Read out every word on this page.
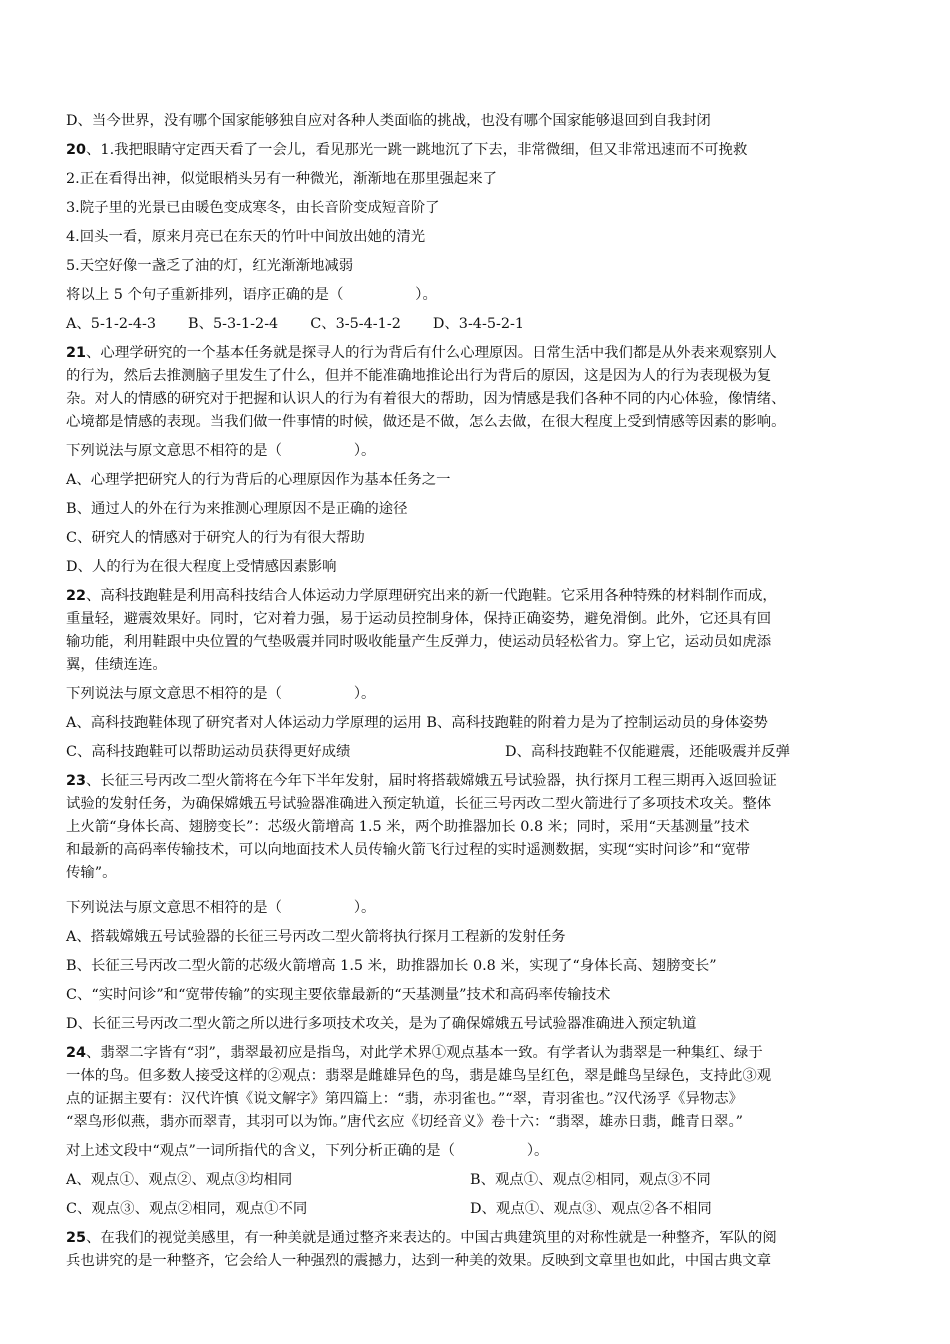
D、当今世界，没有哪个国家能够独自应对各种人类面临的挑战，也没有哪个国家能够退回到自我封闭
20、1.我把眼睛守定西天看了一会儿，看见那光一跳一跳地沉了下去，非常微细，但又非常迅速而不可挽救
2.正在看得出神，似觉眼梢头另有一种微光，渐渐地在那里强起来了
3.院子里的光景已由暖色变成寒冬，由长音阶变成短音阶了
4.回头一看，原来月亮已在东天的竹叶中间放出她的清光
5.天空好像一盏乏了油的灯，红光渐渐地减弱
将以上 5 个句子重新排列，语序正确的是（　　　　　）。
A、5-1-2-4-3 B、5-3-1-2-4 C、3-5-4-1-2 D、3-4-5-2-1
21、心理学研究的一个基本任务就是探寻人的行为背后有什么心理原因。日常生活中我们都是从外表来观察别人
的行为，然后去推测脑子里发生了什么，但并不能准确地推论出行为背后的原因，这是因为人的行为表现极为复
杂。对人的情感的研究对于把握和认识人的行为有着很大的帮助，因为情感是我们各种不同的内心体验，像情绪、
心境都是情感的表现。当我们做一件事情的时候，做还是不做，怎么去做，在很大程度上受到情感等因素的影响。
下列说法与原文意思不相符的是（　　　　　）。
A、心理学把研究人的行为背后的心理原因作为基本任务之一
B、通过人的外在行为来推测心理原因不是正确的途径
C、研究人的情感对于研究人的行为有很大帮助
D、人的行为在很大程度上受情感因素影响
22、高科技跑鞋是利用高科技结合人体运动力学原理研究出来的新一代跑鞋。它采用各种特殊的材料制作而成，
重量轻，避震效果好。同时，它对着力强，易于运动员控制身体，保持正确姿势，避免滑倒。此外，它还具有回
输功能，利用鞋跟中央位置的气垫吸震并同时吸收能量产生反弹力，使运动员轻松省力。穿上它，运动员如虎添
翼，佳绩连连。
下列说法与原文意思不相符的是（　　　　　）。
A、高科技跑鞋体现了研究者对人体运动力学原理的运用 B、高科技跑鞋的附着力是为了控制运动员的身体姿势
C、高科技跑鞋可以帮助运动员获得更好成绩	D、高科技跑鞋不仅能避震，还能吸震并反弹
23、长征三号丙改二型火箭将在今年下半年发射，届时将搭载嫦娥五号试验器，执行探月工程三期再入返回验证
试验的发射任务，为确保嫦娥五号试验器准确进入预定轨道，长征三号丙改二型火箭进行了多项技术攻关。整体
上火箭“身体长高、翅膀变长”：芯级火箭增高 1.5 米，两个助推器加长 0.8 米；同时，采用“天基测量”技术
和最新的高码率传输技术，可以向地面技术人员传输火箭飞行过程的实时遥测数据，实现“实时问诊”和“宽带
传输”。
下列说法与原文意思不相符的是（　　　　　）。
A、搭载嫦娥五号试验器的长征三号丙改二型火箭将执行探月工程新的发射任务
B、长征三号丙改二型火箭的芯级火箭增高 1.5 米，助推器加长 0.8 米，实现了“身体长高、翅膀变长”
C、“实时问诊”和“宽带传输”的实现主要依靠最新的“天基测量”技术和高码率传输技术
D、长征三号丙改二型火箭之所以进行多项技术攻关，是为了确保嫦娥五号试验器准确进入预定轨道
24、翡翠二字皆有“羽”，翡翠最初应是指鸟，对此学术界①观点基本一致。有学者认为翡翠是一种集红、绿于
一体的鸟。但多数人接受这样的②观点：翡翠是雌雄异色的鸟，翡是雄鸟呈红色，翠是雌鸟呈绿色，支持此③观
点的证据主要有：汉代许慎《说文解字》第四篇上：“翡，赤羽雀也。”“翠，青羽雀也。”汉代汤孚《异物志》
“翠鸟形似燕，翡亦而翠青，其羽可以为饰。”唐代玄应《切经音义》卷十六：“翡翠，雄赤日翡，雌青日翠。”
对上述文段中“观点”一词所指代的含义，下列分析正确的是（　　　　　）。
A、观点①、观点②、观点③均相同	B、观点①、观点②相同，观点③不同
C、观点③、观点②相同，观点①不同	D、观点①、观点③、观点②各不相同
25、在我们的视觉美感里，有一种美就是通过整齐来表达的。中国古典建筑里的对称性就是一种整齐，军队的阅
兵也讲究的是一种整齐，它会给人一种强烈的震撼力，达到一种美的效果。反映到文章里也如此，中国古典文章
